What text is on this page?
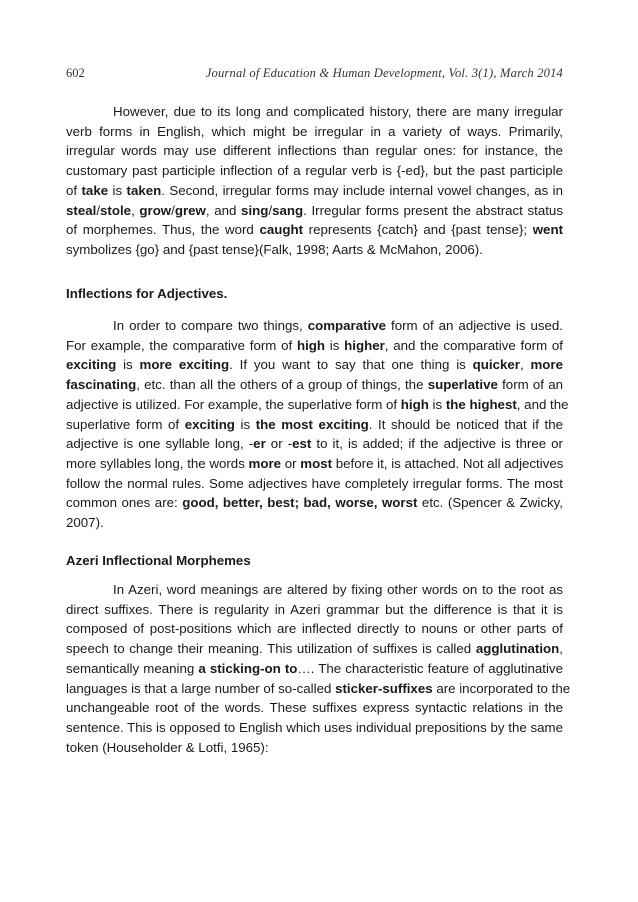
602	Journal of Education & Human Development, Vol. 3(1), March 2014

However, due to its long and complicated history, there are many irregular
verb forms in English, which might be irregular in a variety of ways. Primarily,
irregular words may use different inflections than regular ones: for instance, the
customary past participle inflection of a regular verb is {-ed}, but the past participle
of take is taken. Second, irregular forms may include internal vowel changes, as in
steal/stole, grow/grew, and sing/sang. Irregular forms present the abstract status
of morphemes. Thus, the word caught represents {catch} and {past tense}; went
symbolizes {go} and {past tense}(Falk, 1998; Aarts & McMahon, 2006).

Inflections for Adjectives.

In order to compare two things, comparative form of an adjective is used.
For example, the comparative form of high is higher, and the comparative form of
exciting is more exciting. If you want to say that one thing is quicker, more
fascinating, etc. than all the others of a group of things, the superlative form of an
adjective is utilized. For example, the superlative form of high is the highest, and the
superlative form of exciting is the most exciting. It should be noticed that if the
adjective is one syllable long, -er or -est to it, is added; if the adjective is three or
more syllables long, the words more or most before it, is attached. Not all adjectives
follow the normal rules. Some adjectives have completely irregular forms. The most
common ones are: good, better, best; bad, worse, worst etc. (Spencer & Zwicky,
2007).

Azeri Inflectional Morphemes

In Azeri, word meanings are altered by fixing other words on to the root as
direct suffixes. There is regularity in Azeri grammar but the difference is that it is
composed of post-positions which are inflected directly to nouns or other parts of
speech to change their meaning. This utilization of suffixes is called agglutination,
semantically meaning a sticking-on to…. The characteristic feature of agglutinative
languages is that a large number of so-called sticker-suffixes are incorporated to the
unchangeable root of the words. These suffixes express syntactic relations in the
sentence. This is opposed to English which uses individual prepositions by the same
token (Householder & Lotfi, 1965):
